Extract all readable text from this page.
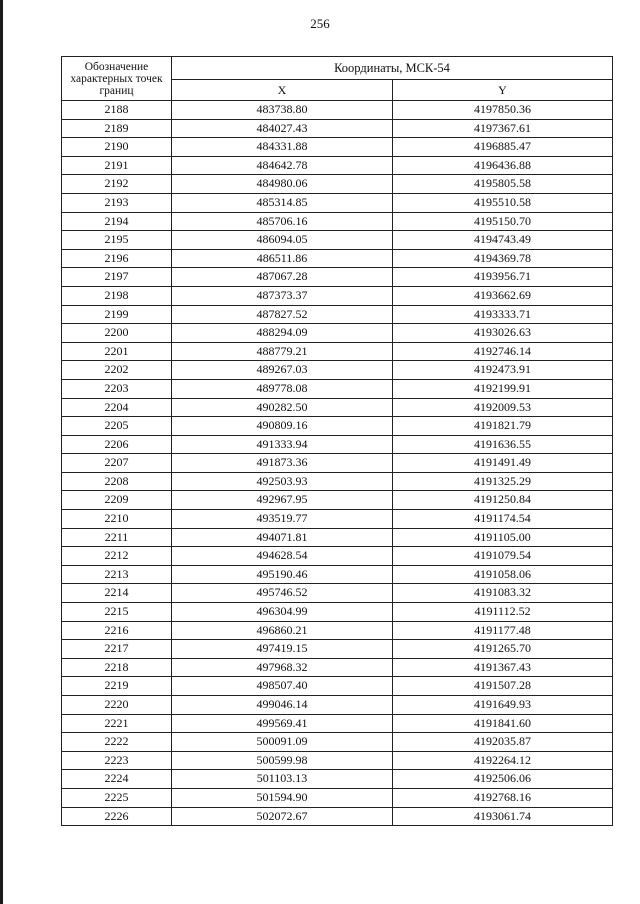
256
Обозначение характерных точек границ	Координаты, МСК-54	
	X	Y
2188	483738.80	4197850.36
2189	484027.43	4197367.61
2190	484331.88	4196885.47
2191	484642.78	4196436.88
2192	484980.06	4195805.58
2193	485314.85	4195510.58
2194	485706.16	4195150.70
2195	486094.05	4194743.49
2196	486511.86	4194369.78
2197	487067.28	4193956.71
2198	487373.37	4193662.69
2199	487827.52	4193333.71
2200	488294.09	4193026.63
2201	488779.21	4192746.14
2202	489267.03	4192473.91
2203	489778.08	4192199.91
2204	490282.50	4192009.53
2205	490809.16	4191821.79
2206	491333.94	4191636.55
2207	491873.36	4191491.49
2208	492503.93	4191325.29
2209	492967.95	4191250.84
2210	493519.77	4191174.54
2211	494071.81	4191105.00
2212	494628.54	4191079.54
2213	495190.46	4191058.06
2214	495746.52	4191083.32
2215	496304.99	4191112.52
2216	496860.21	4191177.48
2217	497419.15	4191265.70
2218	497968.32	4191367.43
2219	498507.40	4191507.28
2220	499046.14	4191649.93
2221	499569.41	4191841.60
2222	500091.09	4192035.87
2223	500599.98	4192264.12
2224	501103.13	4192506.06
2225	501594.90	4192768.16
2226	502072.67	4193061.74
